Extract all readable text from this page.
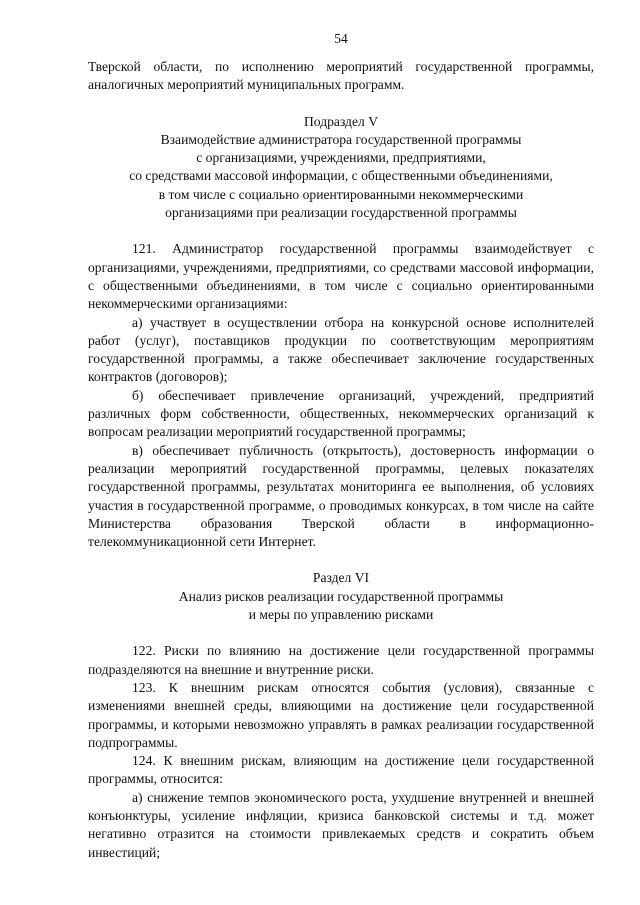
54

Тверской области, по исполнению мероприятий государственной программы, аналогичных мероприятий муниципальных программ.

Подраздел V
Взаимодействие администратора государственной программы
с организациями, учреждениями, предприятиями,
со средствами массовой информации, с общественными объединениями,
в том числе с социально ориентированными некоммерческими
организациями при реализации государственной программы

121. Администратор государственной программы взаимодействует с организациями, учреждениями, предприятиями, со средствами массовой информации, с общественными объединениями, в том числе с социально ориентированными некоммерческими организациями:

а) участвует в осуществлении отбора на конкурсной основе исполнителей работ (услуг), поставщиков продукции по соответствующим мероприятиям государственной программы, а также обеспечивает заключение государственных контрактов (договоров);

б) обеспечивает привлечение организаций, учреждений, предприятий различных форм собственности, общественных, некоммерческих организаций к вопросам реализации мероприятий государственной программы;

в) обеспечивает публичность (открытость), достоверность информации о реализации мероприятий государственной программы, целевых показателях государственной программы, результатах мониторинга ее выполнения, об условиях участия в государственной программе, о проводимых конкурсах, в том числе на сайте Министерства образования Тверской области в информационно-телекоммуникационной сети Интернет.

Раздел VI
Анализ рисков реализации государственной программы
и меры по управлению рисками

122. Риски по влиянию на достижение цели государственной программы подразделяются на внешние и внутренние риски.

123. К внешним рискам относятся события (условия), связанные с изменениями внешней среды, влияющими на достижение цели государственной программы, и которыми невозможно управлять в рамках реализации государственной подпрограммы.

124. К внешним рискам, влияющим на достижение цели государственной программы, относится:

а) снижение темпов экономического роста, ухудшение внутренней и внешней конъюнктуры, усиление инфляции, кризиса банковской системы и т.д. может негативно отразится на стоимости привлекаемых средств и сократить объем инвестиций;
